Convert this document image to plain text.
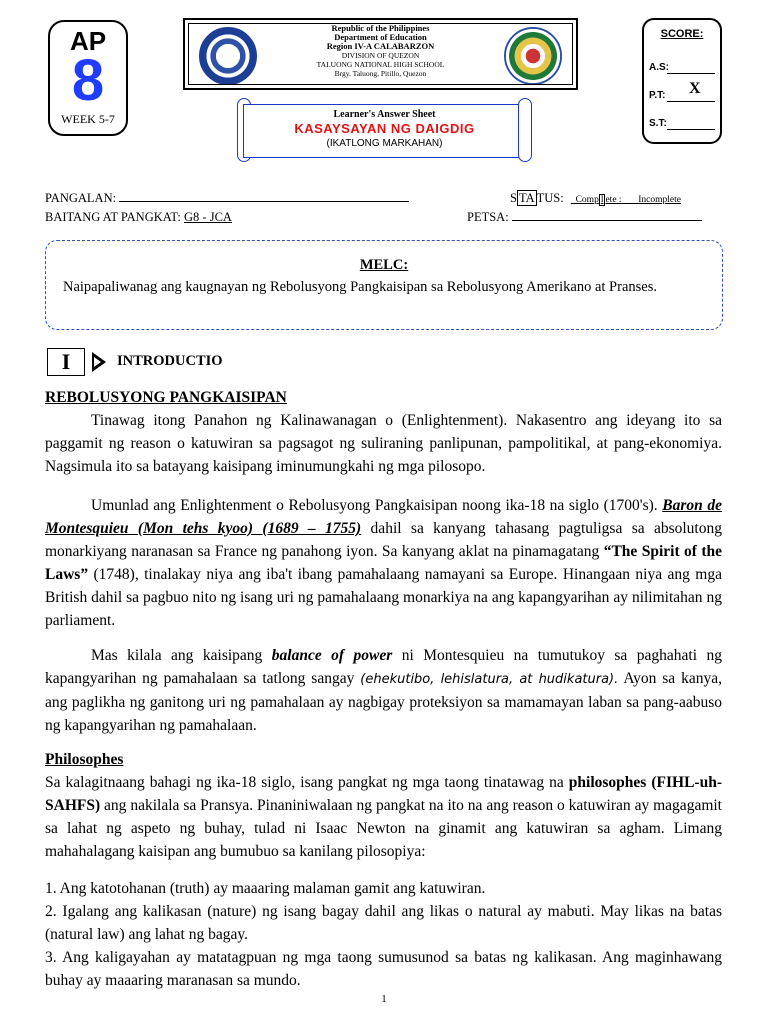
AP
8
WEEK 5-7
Republic of the Philippines
Department of Education
Region IV-A CALABARZON
DIVISION OF QUEZON
TALUONG NATIONAL HIGH SCHOOL
Brgy. Taluong, Pitillo, Quezon
SCORE:
A.S:
P.T: X
S.T:
Learner's Answer Sheet
KASAYSAYAN NG DAIGDIG
(IKATLONG MARKAHAN)
PANGALAN:
BAITANG AT PANGKAT: G8 - JCA
S TA TUS: Comp l ete : Incomplete
PETSA:
MELC:
Naipapaliwanag ang kaugnayan ng Rebolusyong Pangkaisipan sa Rebolusyong Amerikano at Pranses.
I	INTRODUCTIO
REBOLUSYONG PANGKAISIPAN
Tinawag itong Panahon ng Kalinawanagan o (Enlightenment). Nakasentro ang ideyang ito sa paggamit ng reason o katuwiran sa pagsagot ng suliraning panlipunan, pampolitikal, at pang-ekonomiya. Nagsimula ito sa batayang kaisipang iminumungkahi ng mga pilosopo.
Umunlad ang Enlightenment o Rebolusyong Pangkaisipan noong ika-18 na siglo (1700's). Baron de Montesquieu (Mon tehs kyoo) (1689 – 1755) dahil sa kanyang tahasang pagtuligsa sa absolutong monarkiyang naranasan sa France ng panahong iyon. Sa kanyang aklat na pinamagatang “The Spirit of the Laws” (1748), tinalakay niya ang iba't ibang pamahalaang namayani sa Europe. Hinangaan niya ang mga British dahil sa pagbuo nito ng isang uri ng pamahalaang monarkiya na ang kapangyarihan ay nilimitahan ng parliament.
Mas kilala ang kaisipang balance of power ni Montesquieu na tumutukoy sa paghahati ng kapangyarihan ng pamahalaan sa tatlong sangay (ehekutibo, lehislatura, at hudikatura). Ayon sa kanya, ang paglikha ng ganitong uri ng pamahalaan ay nagbigay proteksiyon sa mamamayan laban sa pang-aabuso ng kapangyarihan ng pamahalaan.
Philosophes
Sa kalagitnaang bahagi ng ika-18 siglo, isang pangkat ng mga taong tinatawag na philosophes (FIHL-uh-SAHFS) ang nakilala sa Pransya. Pinaniniwalaan ng pangkat na ito na ang reason o katuwiran ay magagamit sa lahat ng aspeto ng buhay, tulad ni Isaac Newton na ginamit ang katuwiran sa agham. Limang mahahalagang kaisipan ang bumubuo sa kanilang pilosopiya:
1. Ang katotohanan (truth) ay maaaring malaman gamit ang katuwiran.
2. Igalang ang kalikasan (nature) ng isang bagay dahil ang likas o natural ay mabuti. May likas na batas (natural law) ang lahat ng bagay.
3. Ang kaligayahan ay matatagpuan ng mga taong sumusunod sa batas ng kalikasan. Ang maginhawang buhay ay maaaring maranasan sa mundo.
1
